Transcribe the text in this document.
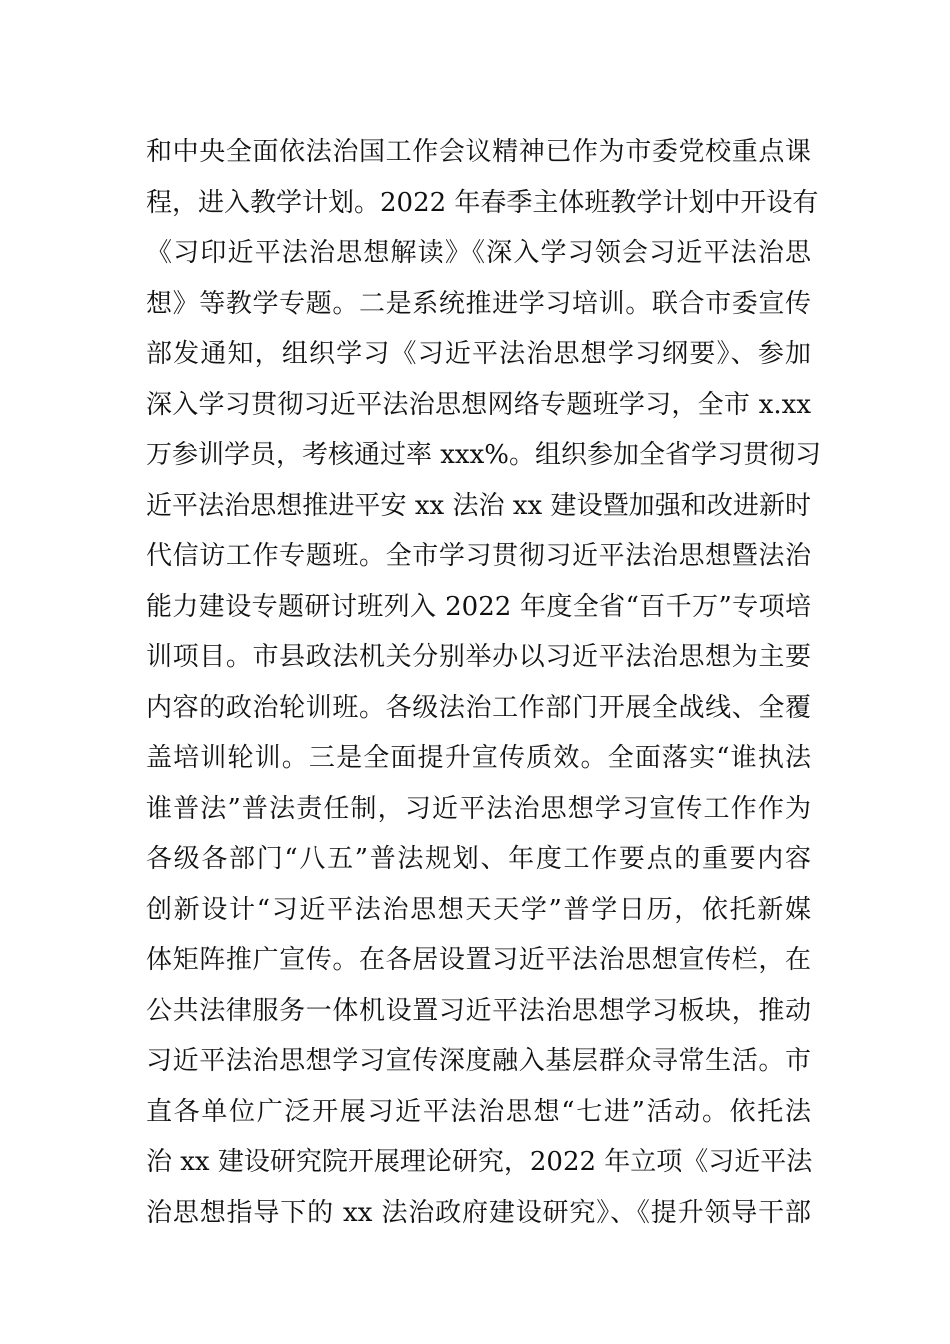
和中央全面依法治国工作会议精神已作为市委党校重点课
程，进入教学计划。2022 年春季主体班教学计划中开设有
《习印近平法治思想解读》《深入学习领会习近平法治思
想》等教学专题。二是系统推进学习培训。联合市委宣传
部发通知，组织学习《习近平法治思想学习纲要》、参加
深入学习贯彻习近平法治思想网络专题班学习，全市 x.xx
万参训学员，考核通过率 xxx%。组织参加全省学习贯彻习
近平法治思想推进平安 xx 法治 xx 建设暨加强和改进新时
代信访工作专题班。全市学习贯彻习近平法治思想暨法治
能力建设专题研讨班列入 2022 年度全省“百千万”专项培
训项目。市县政法机关分别举办以习近平法治思想为主要
内容的政治轮训班。各级法治工作部门开展全战线、全覆
盖培训轮训。三是全面提升宣传质效。全面落实“谁执法
谁普法”普法责任制，习近平法治思想学习宣传工作作为
各级各部门“八五”普法规划、年度工作要点的重要内容
创新设计“习近平法治思想天天学”普学日历，依托新媒
体矩阵推广宣传。在各居设置习近平法治思想宣传栏，在
公共法律服务一体机设置习近平法治思想学习板块，推动
习近平法治思想学习宣传深度融入基层群众寻常生活。市
直各单位广泛开展习近平法治思想“七进”活动。依托法
治 xx 建设研究院开展理论研究，2022 年立项《习近平法
治思想指导下的 xx 法治政府建设研究》、《提升领导干部
